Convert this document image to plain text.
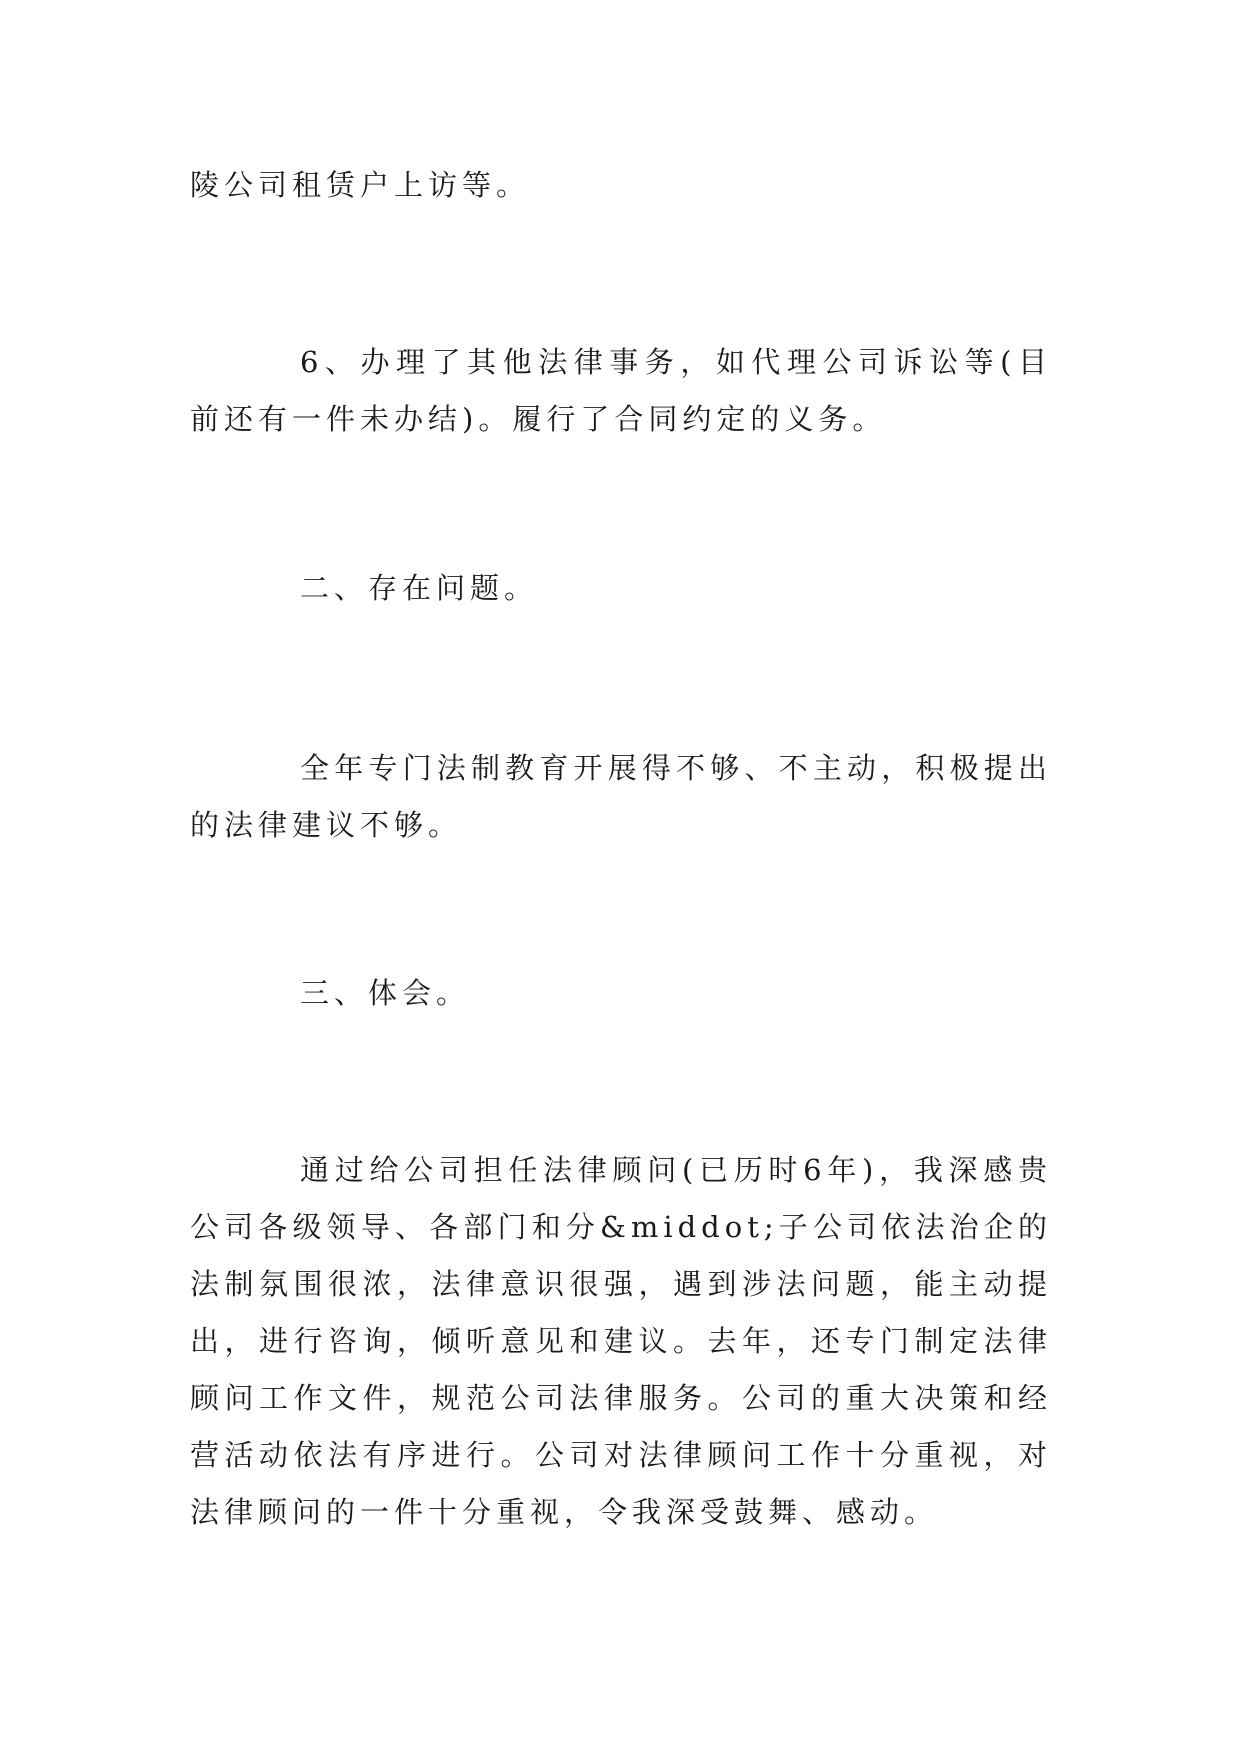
陵公司租赁户上访等。

6、办理了其他法律事务，如代理公司诉讼等(目前还有一件未办结)。履行了合同约定的义务。

二、存在问题。

全年专门法制教育开展得不够、不主动，积极提出的法律建议不够。

三、体会。

通过给公司担任法律顾问(已历时6年)，我深感贵公司各级领导、各部门和分&middot;子公司依法治企的法制氛围很浓，法律意识很强，遇到涉法问题，能主动提出，进行咨询，倾听意见和建议。去年，还专门制定法律顾问工作文件，规范公司法律服务。公司的重大决策和经营活动依法有序进行。公司对法律顾问工作十分重视，对法律顾问的一件十分重视，令我深受鼓舞、感动。
